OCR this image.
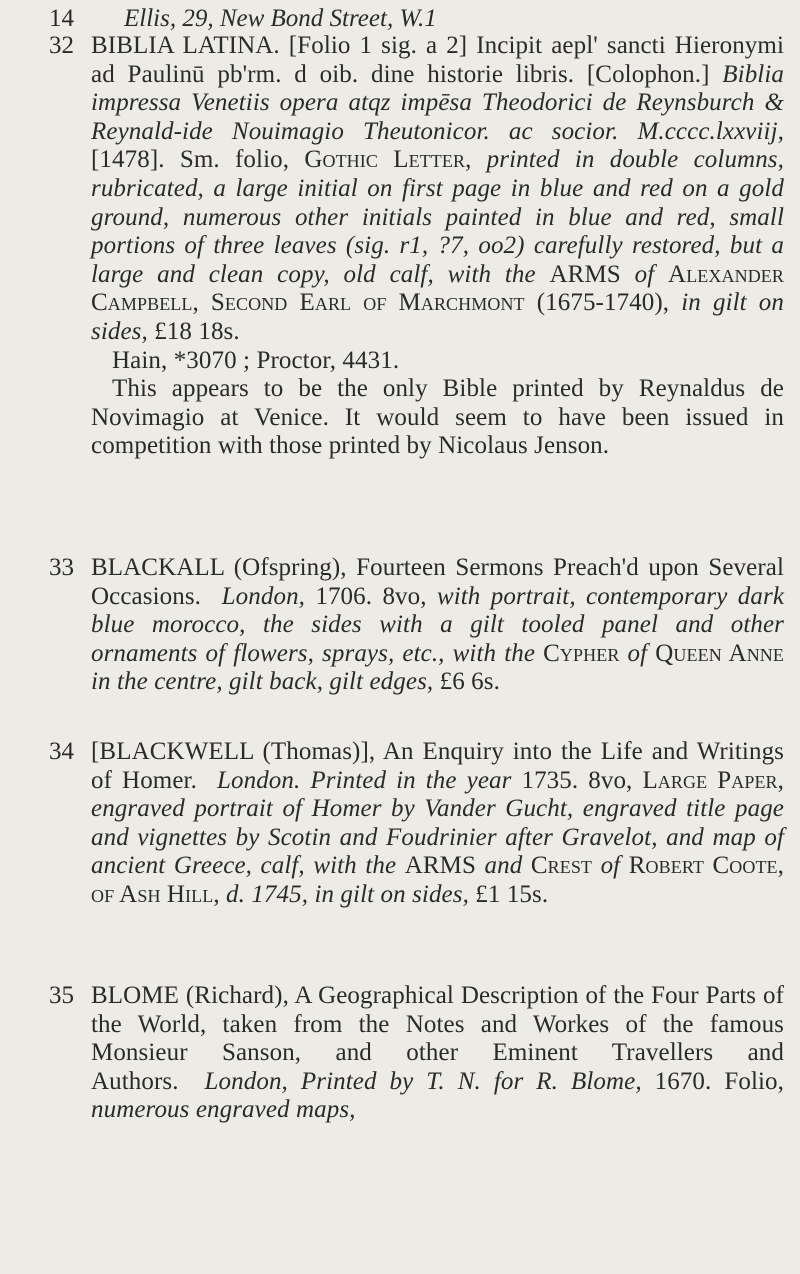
14 Ellis, 29, New Bond Street, W.1
32 BIBLIA LATINA. [Folio 1 sig. a 2] Incipit aepl' sancti Hieronymi ad Paulinū pb'rm. d oib. dine historie libris. [Colophon.] Biblia impressa Venetiis opera atqz impēsa Theodorici de Reynsburch & Reynald-ide Nouimagio Theutonicor. ac socior. M.cccc.lxxviij, [1478]. Sm. folio, Gothic Letter, printed in double columns, rubricated, a large initial on first page in blue and red on a gold ground, numerous other initials painted in blue and red, small portions of three leaves (sig. r1, ?7, oo2) carefully restored, but a large and clean copy, old calf, with the ARMS of Alexander Campbell, Second Earl of Marchmont (1675-1740), in gilt on sides, £18 18s.

Hain, *3070 ; Proctor, 4431.

This appears to be the only Bible printed by Reynaldus de Novimagio at Venice. It would seem to have been issued in competition with those printed by Nicolaus Jenson.

33 BLACKALL (Ofspring), Fourteen Sermons Preach'd upon Several Occasions. London, 1706. 8vo, with portrait, contemporary dark blue morocco, the sides with a gilt tooled panel and other ornaments of flowers, sprays, etc., with the Cypher of Queen Anne in the centre, gilt back, gilt edges, £6 6s.

34 [BLACKWELL (Thomas)], An Enquiry into the Life and Writings of Homer. London. Printed in the year 1735. 8vo, Large Paper, engraved portrait of Homer by Vander Gucht, engraved title page and vignettes by Scotin and Foudrinier after Gravelot, and map of ancient Greece, calf, with the ARMS and Crest of Robert Coote, of Ash Hill, d. 1745, in gilt on sides, £1 15s.

35 BLOME (Richard), A Geographical Description of the Four Parts of the World, taken from the Notes and Workes of the famous Monsieur Sanson, and other Eminent Travellers and Authors. London, Printed by T. N. for R. Blome, 1670. Folio, numerous engraved maps,
